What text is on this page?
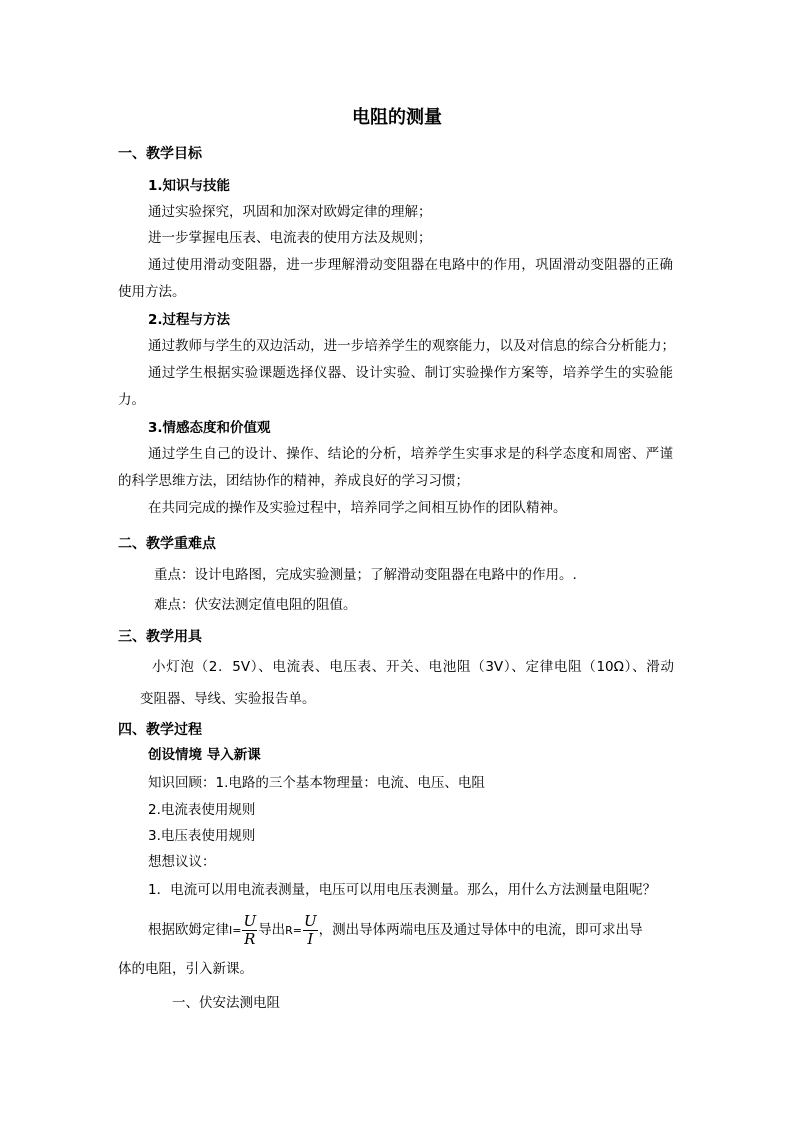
电阻的测量
一、教学目标
1.知识与技能
通过实验探究，巩固和加深对欧姆定律的理解；
进一步掌握电压表、电流表的使用方法及规则；
通过使用滑动变阻器，进一步理解滑动变阻器在电路中的作用，巩固滑动变阻器的正确
使用方法。
2.过程与方法
通过教师与学生的双边活动，进一步培养学生的观察能力，以及对信息的综合分析能力；
通过学生根据实验课题选择仪器、设计实验、制订实验操作方案等，培养学生的实验能
力。
3.情感态度和价值观
通过学生自己的设计、操作、结论的分析，培养学生实事求是的科学态度和周密、严谨
的科学思维方法，团结协作的精神，养成良好的学习习惯；
在共同完成的操作及实验过程中，培养同学之间相互协作的团队精神。
二、教学重难点
重点：设计电路图，完成实验测量；了解滑动变阻器在电路中的作用。.
难点：伏安法测定值电阻的阻值。
三、教学用具
小灯泡（2．5V）、电流表、电压表、开关、电池阻（3V）、定律电阻（10Ω）、滑动
变阻器、导线、实验报告单。
四、教学过程
创设情境 导入新课
知识回顾：1.电路的三个基本物理量：电流、电压、电阻
2.电流表使用规则
3.电压表使用规则
想想议议：
1．电流可以用电流表测量，电压可以用电压表测量。那么，用什么方法测量电阻呢？
根据欧姆定律$I= \frac{U}{R}$ 导出$R= \frac{U}{I}$ ，测出导体两端电压及通过导体中的电流，即可求出导
体的电阻，引入新课。
一、伏安法测电阻
